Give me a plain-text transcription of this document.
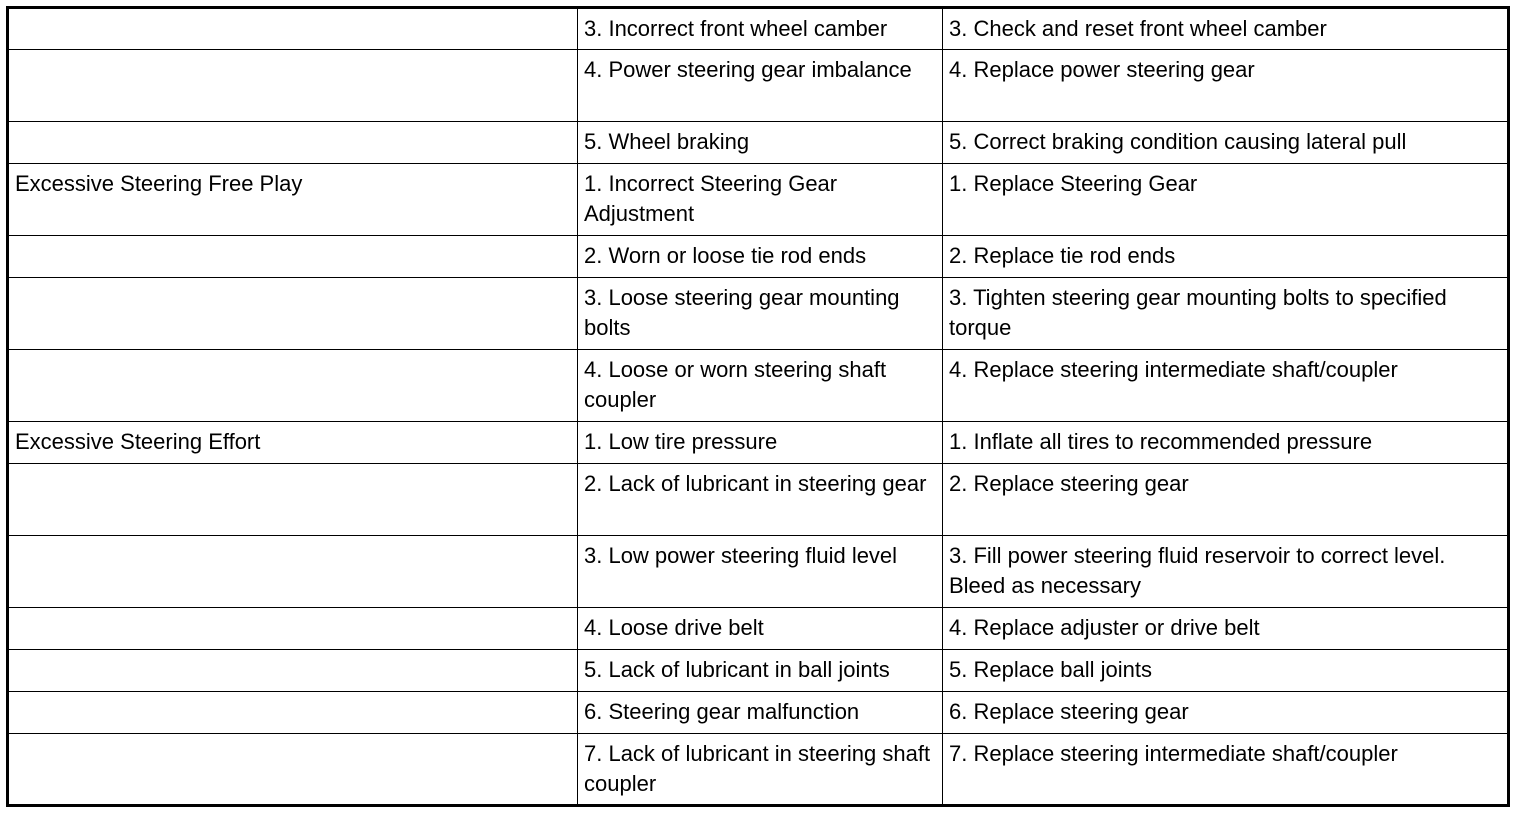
	3. Incorrect front wheel camber	3. Check and reset front wheel camber
	4. Power steering gear imbalance	4. Replace power steering gear
	5. Wheel braking	5. Correct braking condition causing lateral pull
Excessive Steering Free Play	1. Incorrect Steering Gear Adjustment	1. Replace Steering Gear
	2. Worn or loose tie rod ends	2. Replace tie rod ends
	3. Loose steering gear mounting bolts	3. Tighten steering gear mounting bolts to specified torque
	4. Loose or worn steering shaft coupler	4. Replace steering intermediate shaft/coupler
Excessive Steering Effort	1. Low tire pressure	1. Inflate all tires to recommended pressure
	2. Lack of lubricant in steering gear	2. Replace steering gear
	3. Low power steering fluid level	3. Fill power steering fluid reservoir to correct level. Bleed as necessary
	4. Loose drive belt	4. Replace adjuster or drive belt
	5. Lack of lubricant in ball joints	5. Replace ball joints
	6. Steering gear malfunction	6. Replace steering gear
	7. Lack of lubricant in steering shaft coupler	7. Replace steering intermediate shaft/coupler
